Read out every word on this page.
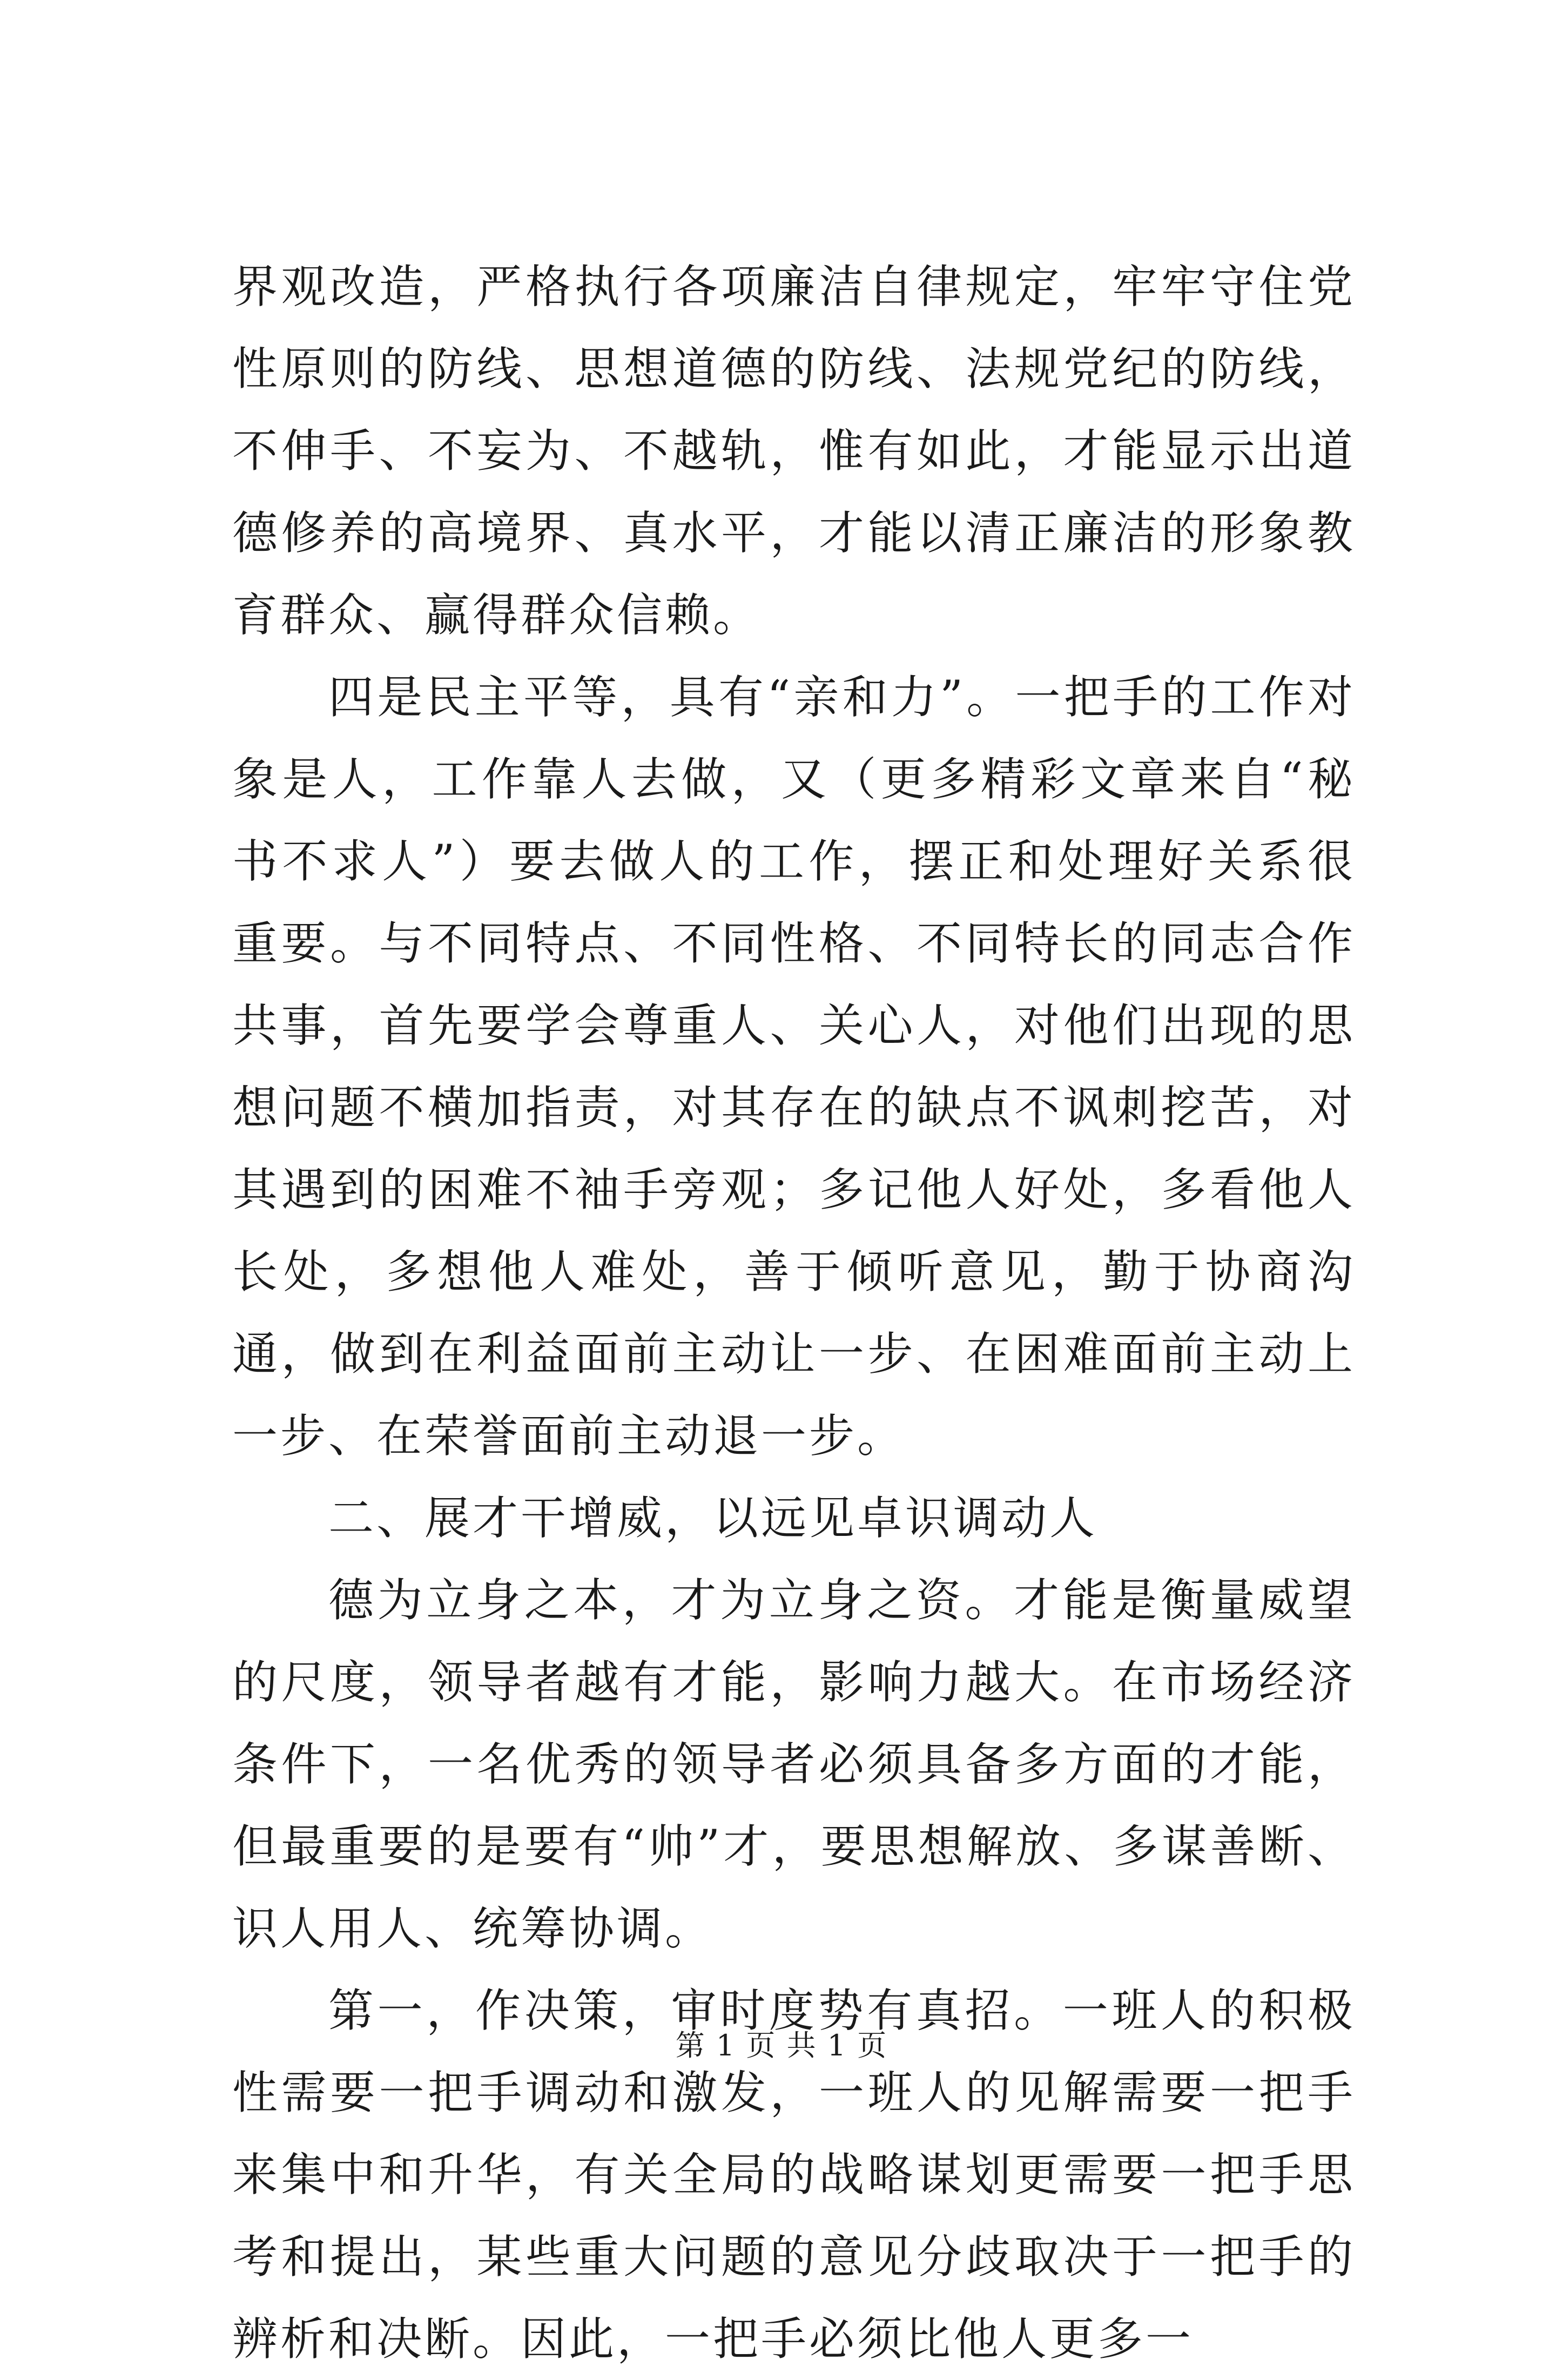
界观改造，严格执行各项廉洁自律规定，牢牢守住党性原则的防线、思想道德的防线、法规党纪的防线，不伸手、不妄为、不越轨，惟有如此，才能显示出道德修养的高境界、真水平，才能以清正廉洁的形象教育群众、赢得群众信赖。

四是民主平等，具有“亲和力”。一把手的工作对象是人，工作靠人去做，又（更多精彩文章来自“秘书不求人”）要去做人的工作，摆正和处理好关系很重要。与不同特点、不同性格、不同特长的同志合作共事，首先要学会尊重人、关心人，对他们出现的思想问题不横加指责，对其存在的缺点不讽刺挖苦，对其遇到的困难不袖手旁观；多记他人好处，多看他人长处，多想他人难处，善于倾听意见，勤于协商沟通，做到在利益面前主动让一步、在困难面前主动上一步、在荣誉面前主动退一步。

二、展才干增威，以远见卓识调动人

德为立身之本，才为立身之资。才能是衡量威望的尺度，领导者越有才能，影响力越大。在市场经济条件下，一名优秀的领导者必须具备多方面的才能，但最重要的是要有“帅”才，要思想解放、多谋善断、识人用人、统筹协调。

第一，作决策，审时度势有真招。一班人的积极性需要一把手调动和激发，一班人的见解需要一把手来集中和升华，有关全局的战略谋划更需要一把手思考和提出，某些重大问题的意见分歧取决于一把手的辨析和决断。因此，一把手必须比他人更多一

第 1 页 共 1 页
